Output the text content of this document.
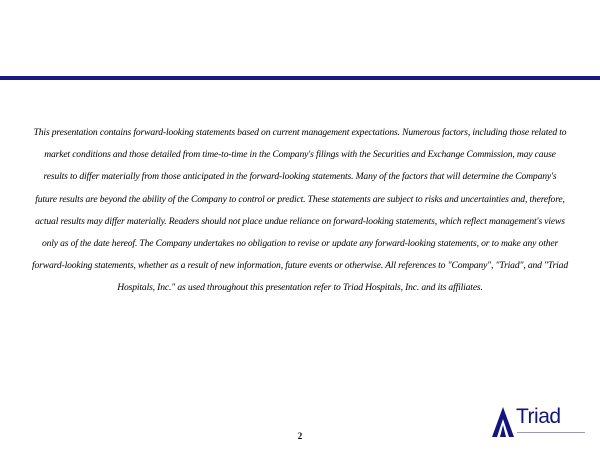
This presentation contains forward-looking statements based on current management expectations. Numerous factors, including those related to market conditions and those detailed from time-to-time in the Company's filings with the Securities and Exchange Commission, may cause results to differ materially from those anticipated in the forward-looking statements. Many of the factors that will determine the Company's future results are beyond the ability of the Company to control or predict. These statements are subject to risks and uncertainties and, therefore, actual results may differ materially. Readers should not place undue reliance on forward-looking statements, which reflect management's views only as of the date hereof. The Company undertakes no obligation to revise or update any forward-looking statements, or to make any other forward-looking statements, whether as a result of new information, future events or otherwise. All references to "Company", "Triad", and "Triad Hospitals, Inc." as used throughout this presentation refer to Triad Hospitals, Inc. and its affiliates.

2
Triad
